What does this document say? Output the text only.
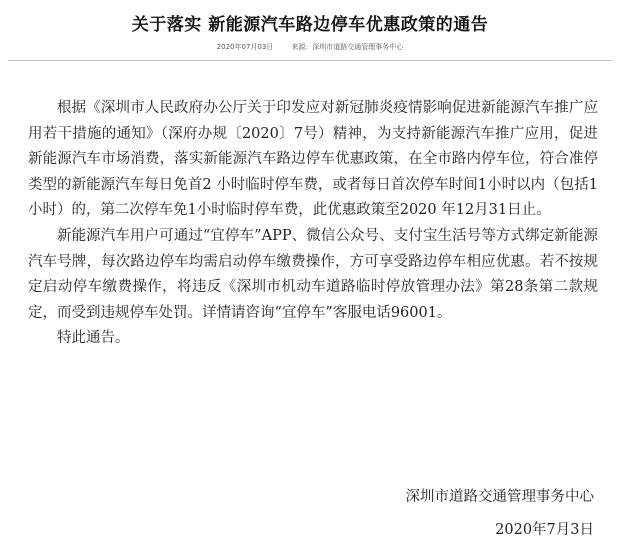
关于落实 新能源汽车路边停车优惠政策的通告
2020年07月03日	来源：深圳市道路交通管理事务中心

根据《深圳市人民政府办公厅关于印发应对新冠肺炎疫情影响促进新能源汽车推广应用若干措施的通知》（深府办规〔2020〕7号）精神，为支持新能源汽车推广应用，促进新能源汽车市场消费，落实新能源汽车路边停车优惠政策，在全市路内停车位，符合准停类型的新能源汽车每日免首2 小时临时停车费，或者每日首次停车时间1小时以内（包括1 小时）的，第二次停车免1小时临时停车费，此优惠政策至2020 年12月31日止。

新能源汽车用户可通过“宜停车”APP、微信公众号、支付宝生活号等方式绑定新能源汽车号牌，每次路边停车均需启动停车缴费操作，方可享受路边停车相应优惠。若不按规定启动停车缴费操作，将违反《深圳市机动车道路临时停放管理办法》第28条第二款规定，而受到违规停车处罚。详情请咨询“宜停车”客服电话96001。

特此通告。

深圳市道路交通管理事务中心
2020年7月3日
